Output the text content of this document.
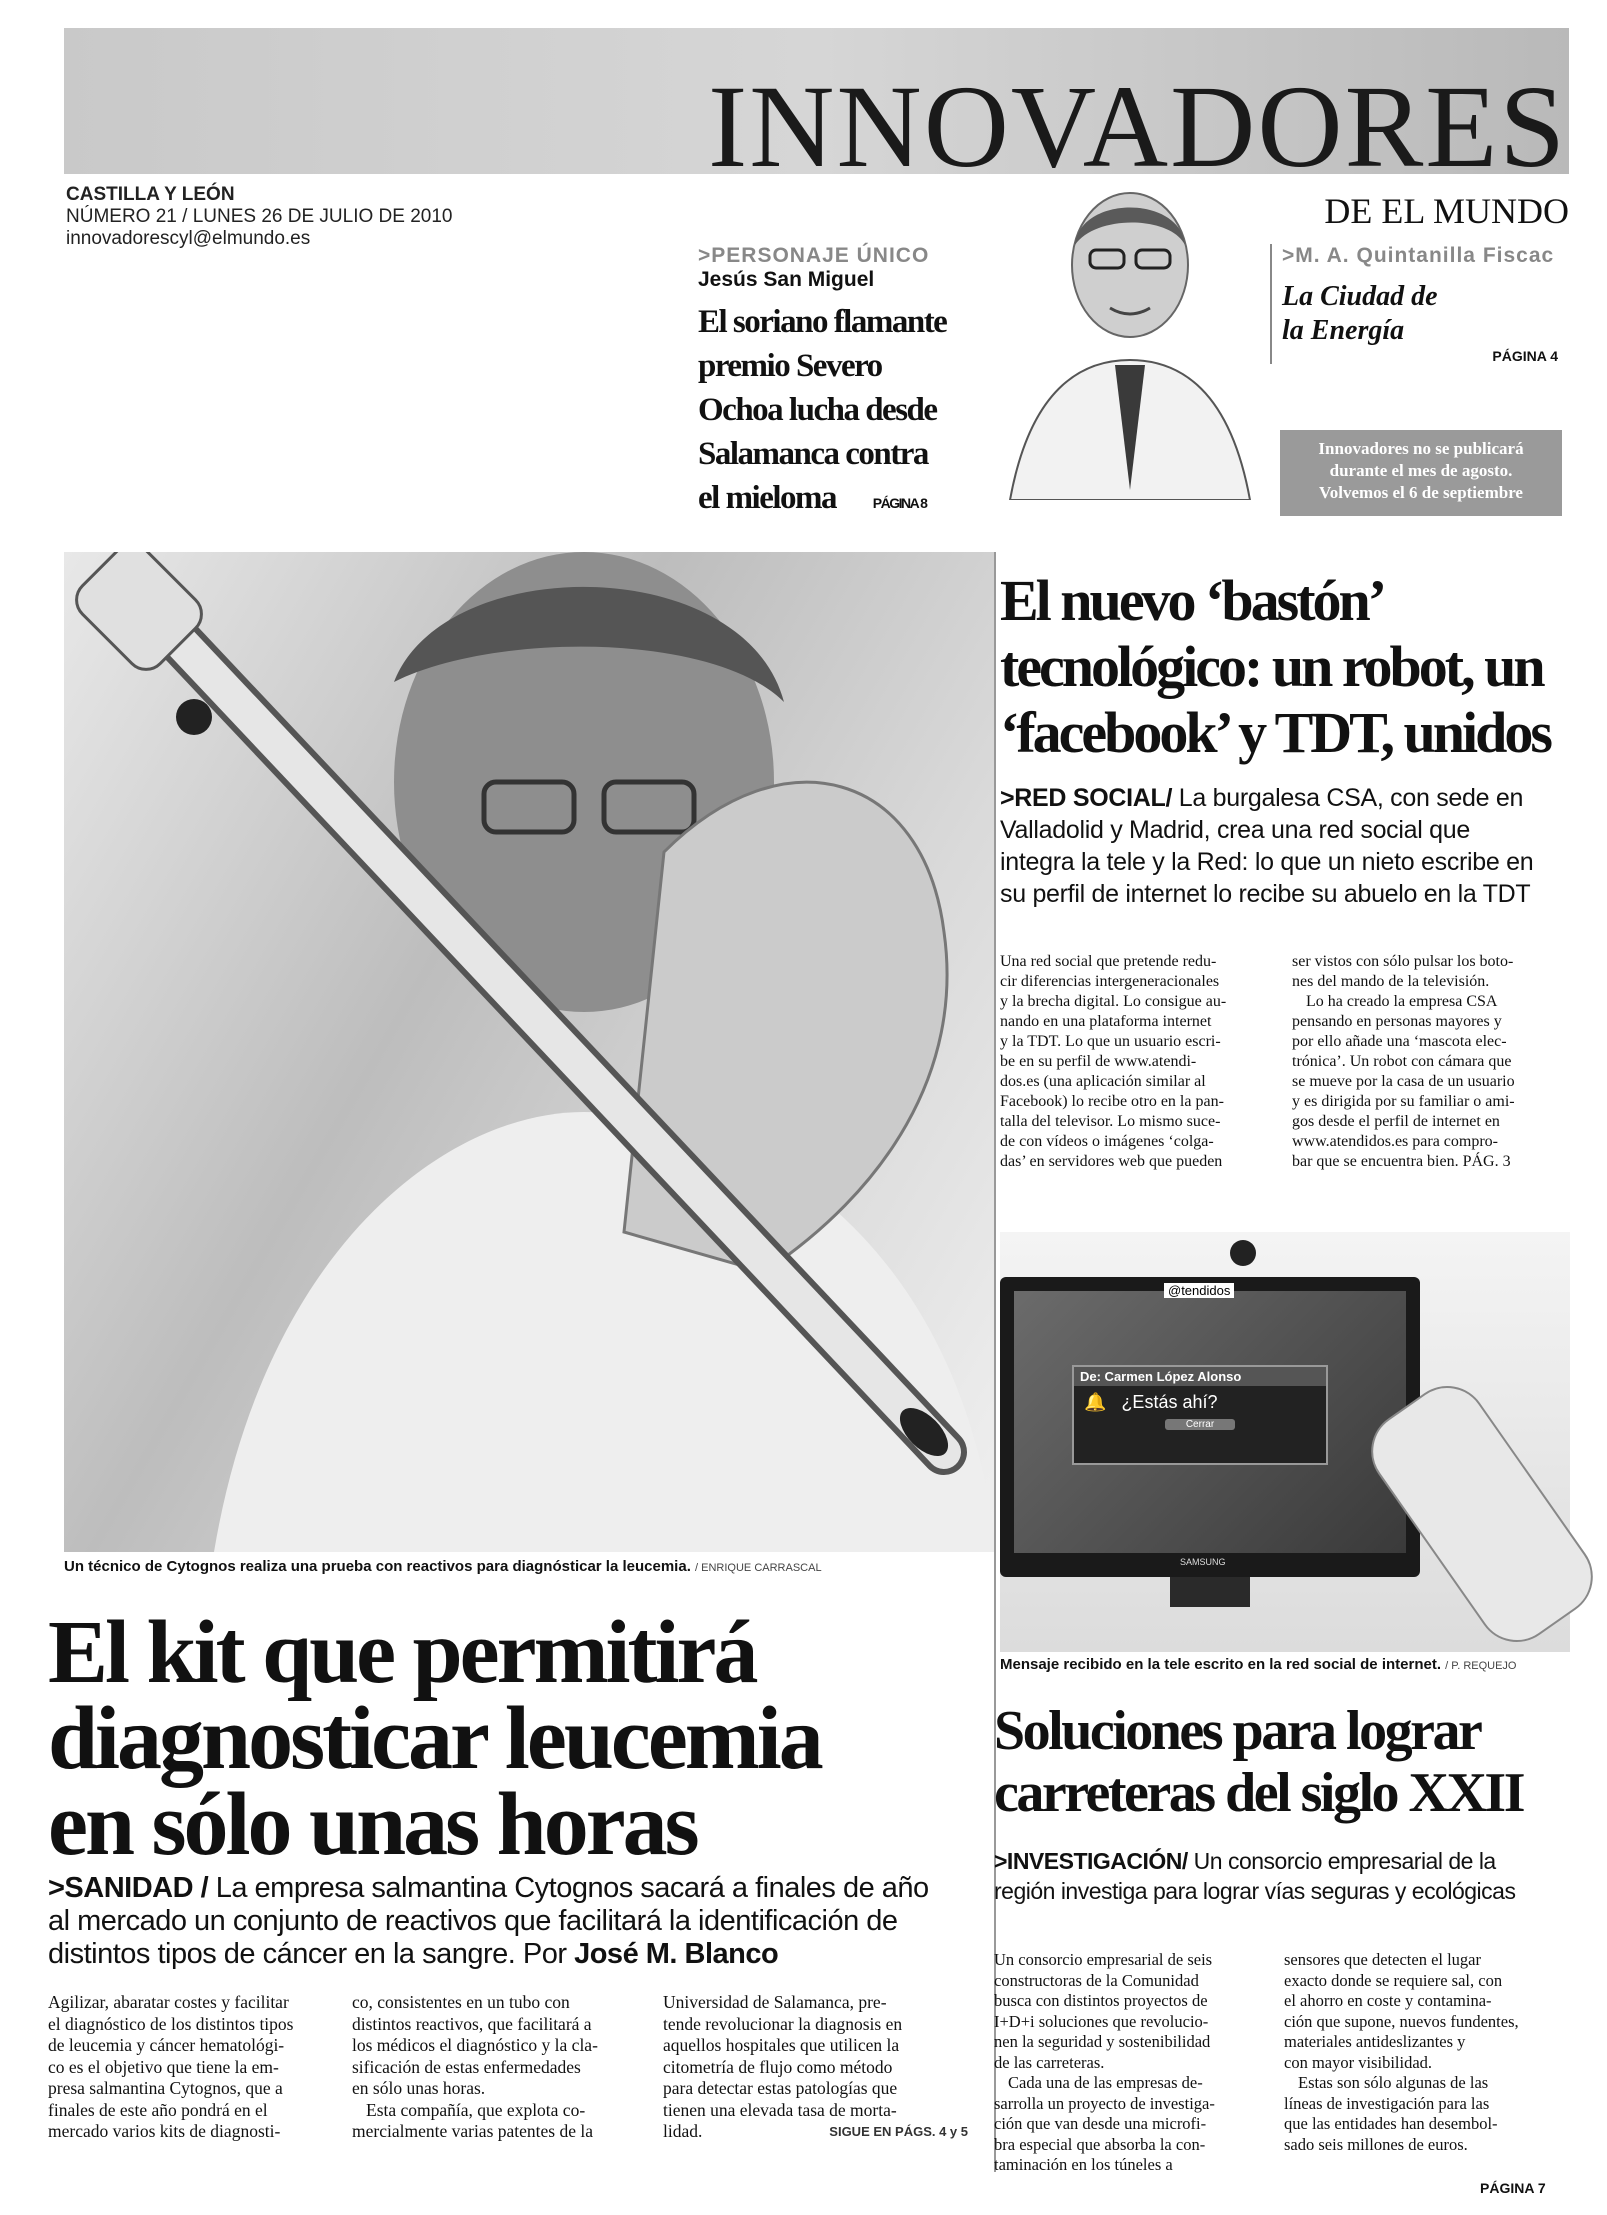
INNOVADORES
DE EL MUNDO
CASTILLA Y LEÓN
NÚMERO 21 / LUNES 26 DE JULIO DE 2010
innovadorescyl@elmundo.es
>PERSONAJE ÚNICO
Jesús San Miguel
El soriano flamante
premio Severo
Ochoa lucha desde
Salamanca contra
el mieloma	PÁGINA 8
>M. A. Quintanilla Fiscac
La Ciudad de
la Energía
PÁGINA 4
Innovadores no se publicará
durante el mes de agosto.
Volvemos el 6 de septiembre
Un técnico de Cytognos realiza una prueba con reactivos para diagnósticar la leucemia. / ENRIQUE CARRASCAL
El kit que permitirá
diagnosticar leucemia
en sólo unas horas
>SANIDAD / La empresa salmantina Cytognos sacará a finales de año
al mercado un conjunto de reactivos que facilitará la identificación de
distintos tipos de cáncer en la sangre. Por José M. Blanco
Agilizar, abaratar costes y facilitar
el diagnóstico de los distintos tipos
de leucemia y cáncer hematológi-
co es el objetivo que tiene la em-
presa salmantina Cytognos, que a
finales de este año pondrá en el
mercado varios kits de diagnosti-
co, consistentes en un tubo con
distintos reactivos, que facilitará a
los médicos el diagnóstico y la cla-
sificación de estas enfermedades
en sólo unas horas.
Esta compañía, que explota co-
mercialmente varias patentes de la
Universidad de Salamanca, pre-
tende revolucionar la diagnosis en
aquellos hospitales que utilicen la
citometría de flujo como método
para detectar estas patologías que
tienen una elevada tasa de morta-
lidad.	SIGUE EN PÁGS. 4 y 5
El nuevo ‘bastón’
tecnológico: un robot, un
‘facebook’ y TDT, unidos
>RED SOCIAL/ La burgalesa CSA, con sede en
Valladolid y Madrid, crea una red social que
integra la tele y la Red: lo que un nieto escribe en
su perfil de internet lo recibe su abuelo en la TDT
Una red social que pretende redu-
cir diferencias intergeneracionales
y la brecha digital. Lo consigue au-
nando en una plataforma internet
y la TDT. Lo que un usuario escri-
be en su perfil de www.atendi-
dos.es (una aplicación similar al
Facebook) lo recibe otro en la pan-
talla del televisor. Lo mismo suce-
de con vídeos o imágenes ‘colga-
das’ en servidores web que pueden
ser vistos con sólo pulsar los boto-
nes del mando de la televisión.
Lo ha creado la empresa CSA
pensando en personas mayores y
por ello añade una ‘mascota elec-
trónica’. Un robot con cámara que
se mueve por la casa de un usuario
y es dirigida por su familiar o ami-
gos desde el perfil de internet en
www.atendidos.es para compro-
bar que se encuentra bien. PÁG. 3
@tendidos
De: Carmen López Alonso
🔔 ¿Estás ahí?
Cerrar
SAMSUNG
Mensaje recibido en la tele escrito en la red social de internet. / P. REQUEJO
Soluciones para lograr
carreteras del siglo XXII
>INVESTIGACIÓN/ Un consorcio empresarial de la
región investiga para lograr vías seguras y ecológicas
Un consorcio empresarial de seis
constructoras de la Comunidad
busca con distintos proyectos de
I+D+i soluciones que revolucio-
nen la seguridad y sostenibilidad
de las carreteras.
Cada una de las empresas de-
sarrolla un proyecto de investiga-
ción que van desde una microfi-
bra especial que absorba la con-
taminación en los túneles a
sensores que detecten el lugar
exacto donde se requiere sal, con
el ahorro en coste y contamina-
ción que supone, nuevos fundentes,
materiales antideslizantes y
con mayor visibilidad.
Estas son sólo algunas de las
líneas de investigación para las
que las entidades han desembol-
sado seis millones de euros.
PÁGINA 7
